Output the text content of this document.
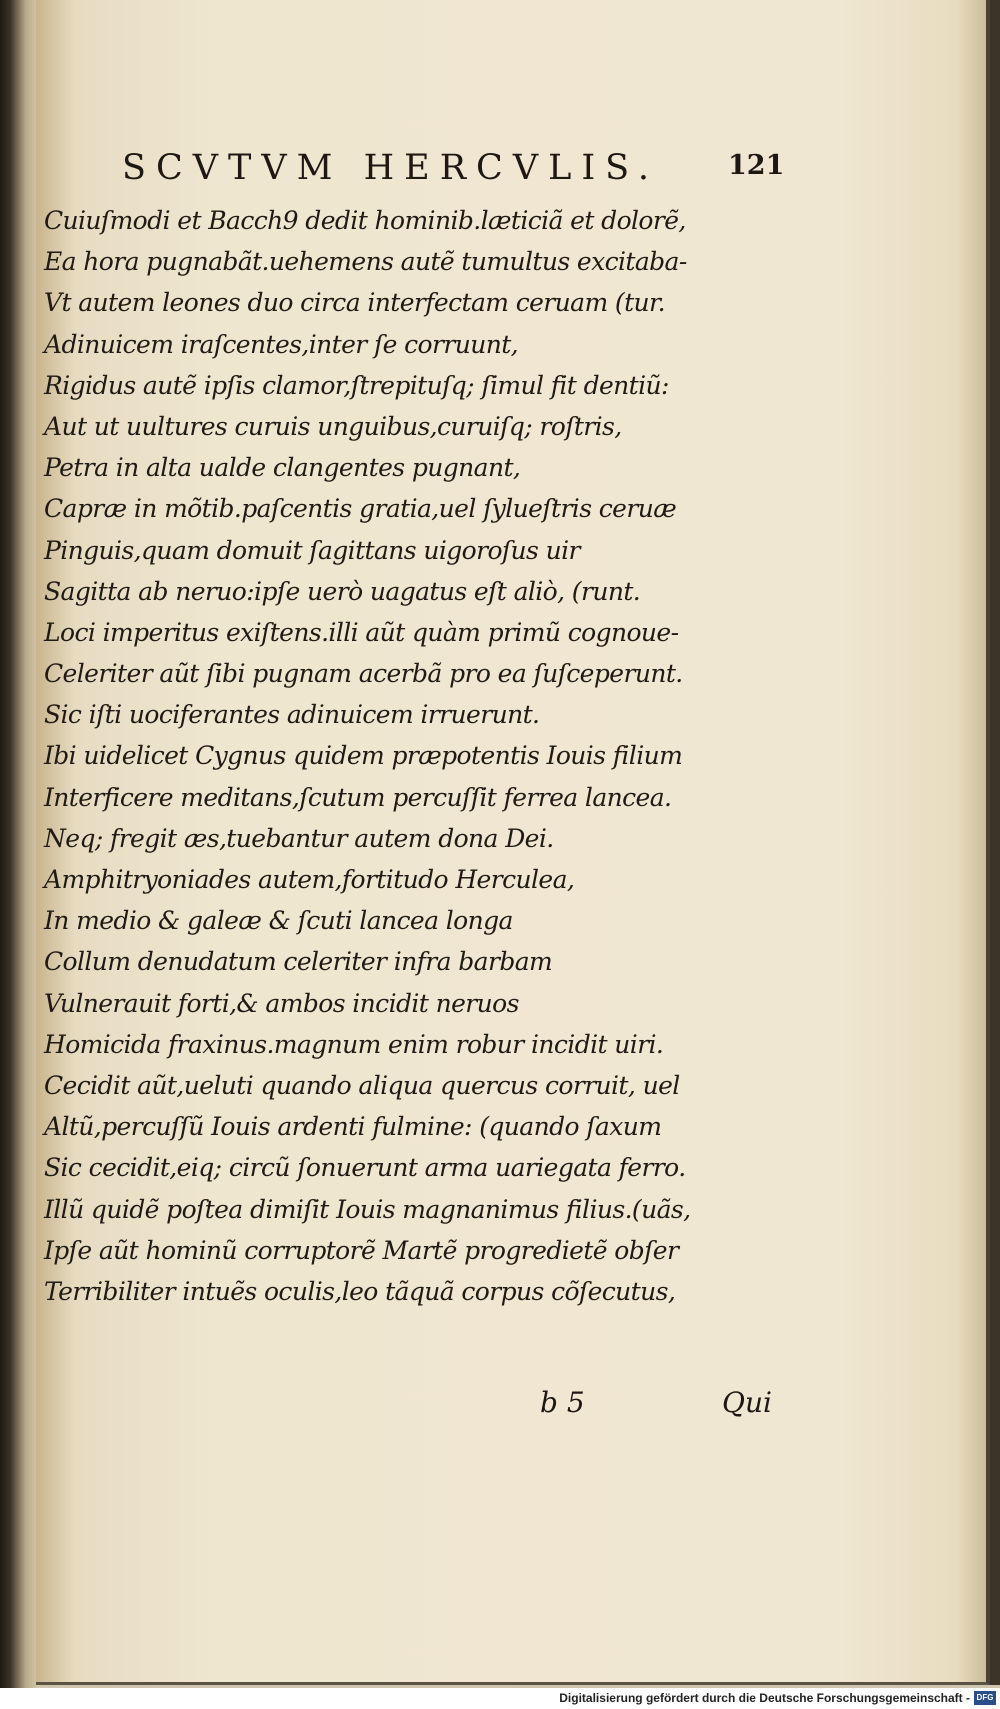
SCVTVM HERCVLIS.	121
Cuiuſmodi et Bacch9 dedit hominib.læticiã et dolorẽ,
Ea hora pugnabãt.uehemens autẽ tumultus excitaba-
Vt autem leones duo circa interfectam ceruam (tur.
Adinuicem iraſcentes,inter ſe corruunt,
Rigidus autẽ ipſis clamor,ſtrepituſq; ſimul fit dentiũ:
Aut ut uultures curuis unguibus,curuiſq; roſtris,
Petra in alta ualde clangentes pugnant,
Capræ in mõtib.paſcentis gratia,uel ſylueſtris ceruæ
Pinguis,quam domuit ſagittans uigoroſus uir
Sagitta ab neruo:ipſe uerò uagatus eſt aliò, (runt.
Loci imperitus exiſtens.illi aũt quàm primũ cognoue-
Celeriter aũt ſibi pugnam acerbã pro ea ſuſceperunt.
Sic iſti uociferantes adinuicem irruerunt.
Ibi uidelicet Cygnus quidem præpotentis Iouis filium
Interficere meditans,ſcutum percuſſit ferrea lancea.
Neq; fregit æs,tuebantur autem dona Dei.
Amphitryoniades autem,fortitudo Herculea,
In medio & galeæ & ſcuti lancea longa
Collum denudatum celeriter infra barbam
Vulnerauit forti,& ambos incidit neruos
Homicida fraxinus.magnum enim robur incidit uiri.
Cecidit aũt,ueluti quando aliqua quercus corruit, uel
Altũ,percuſſũ Iouis ardenti fulmine: (quando ſaxum
Sic cecidit,eiq; circũ ſonuerunt arma uariegata ferro.
Illũ quidẽ poſtea dimiſit Iouis magnanimus filius.(uãs,
Ipſe aũt hominũ corruptorẽ Martẽ progredietẽ obſer
Terribiliter intuẽs oculis,leo tãquã corpus cõſecutus,
b 5	Qui
Digitalisierung gefördert durch die Deutsche Forschungsgemeinschaft - DFG
